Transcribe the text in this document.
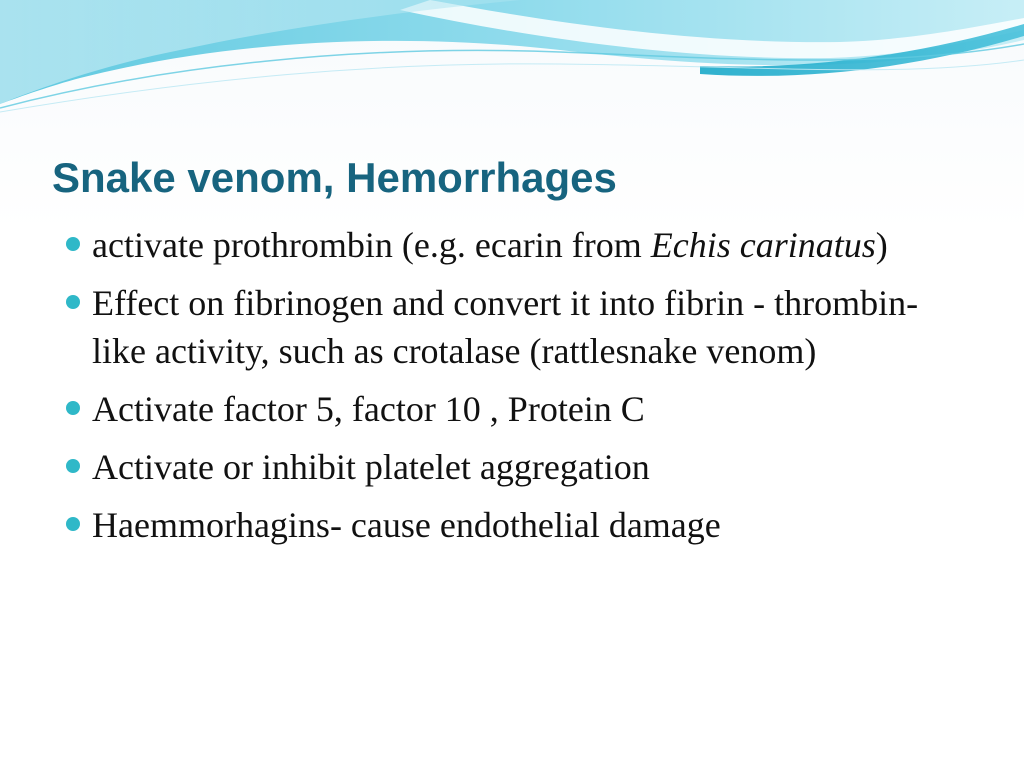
Snake venom, Hemorrhages
activate prothrombin (e.g. ecarin from Echis carinatus)
Effect on fibrinogen and convert it into fibrin - thrombin-like activity, such as crotalase (rattlesnake venom)
Activate factor 5, factor 10 , Protein C
Activate or inhibit platelet aggregation
Haemmorhagins- cause endothelial damage
